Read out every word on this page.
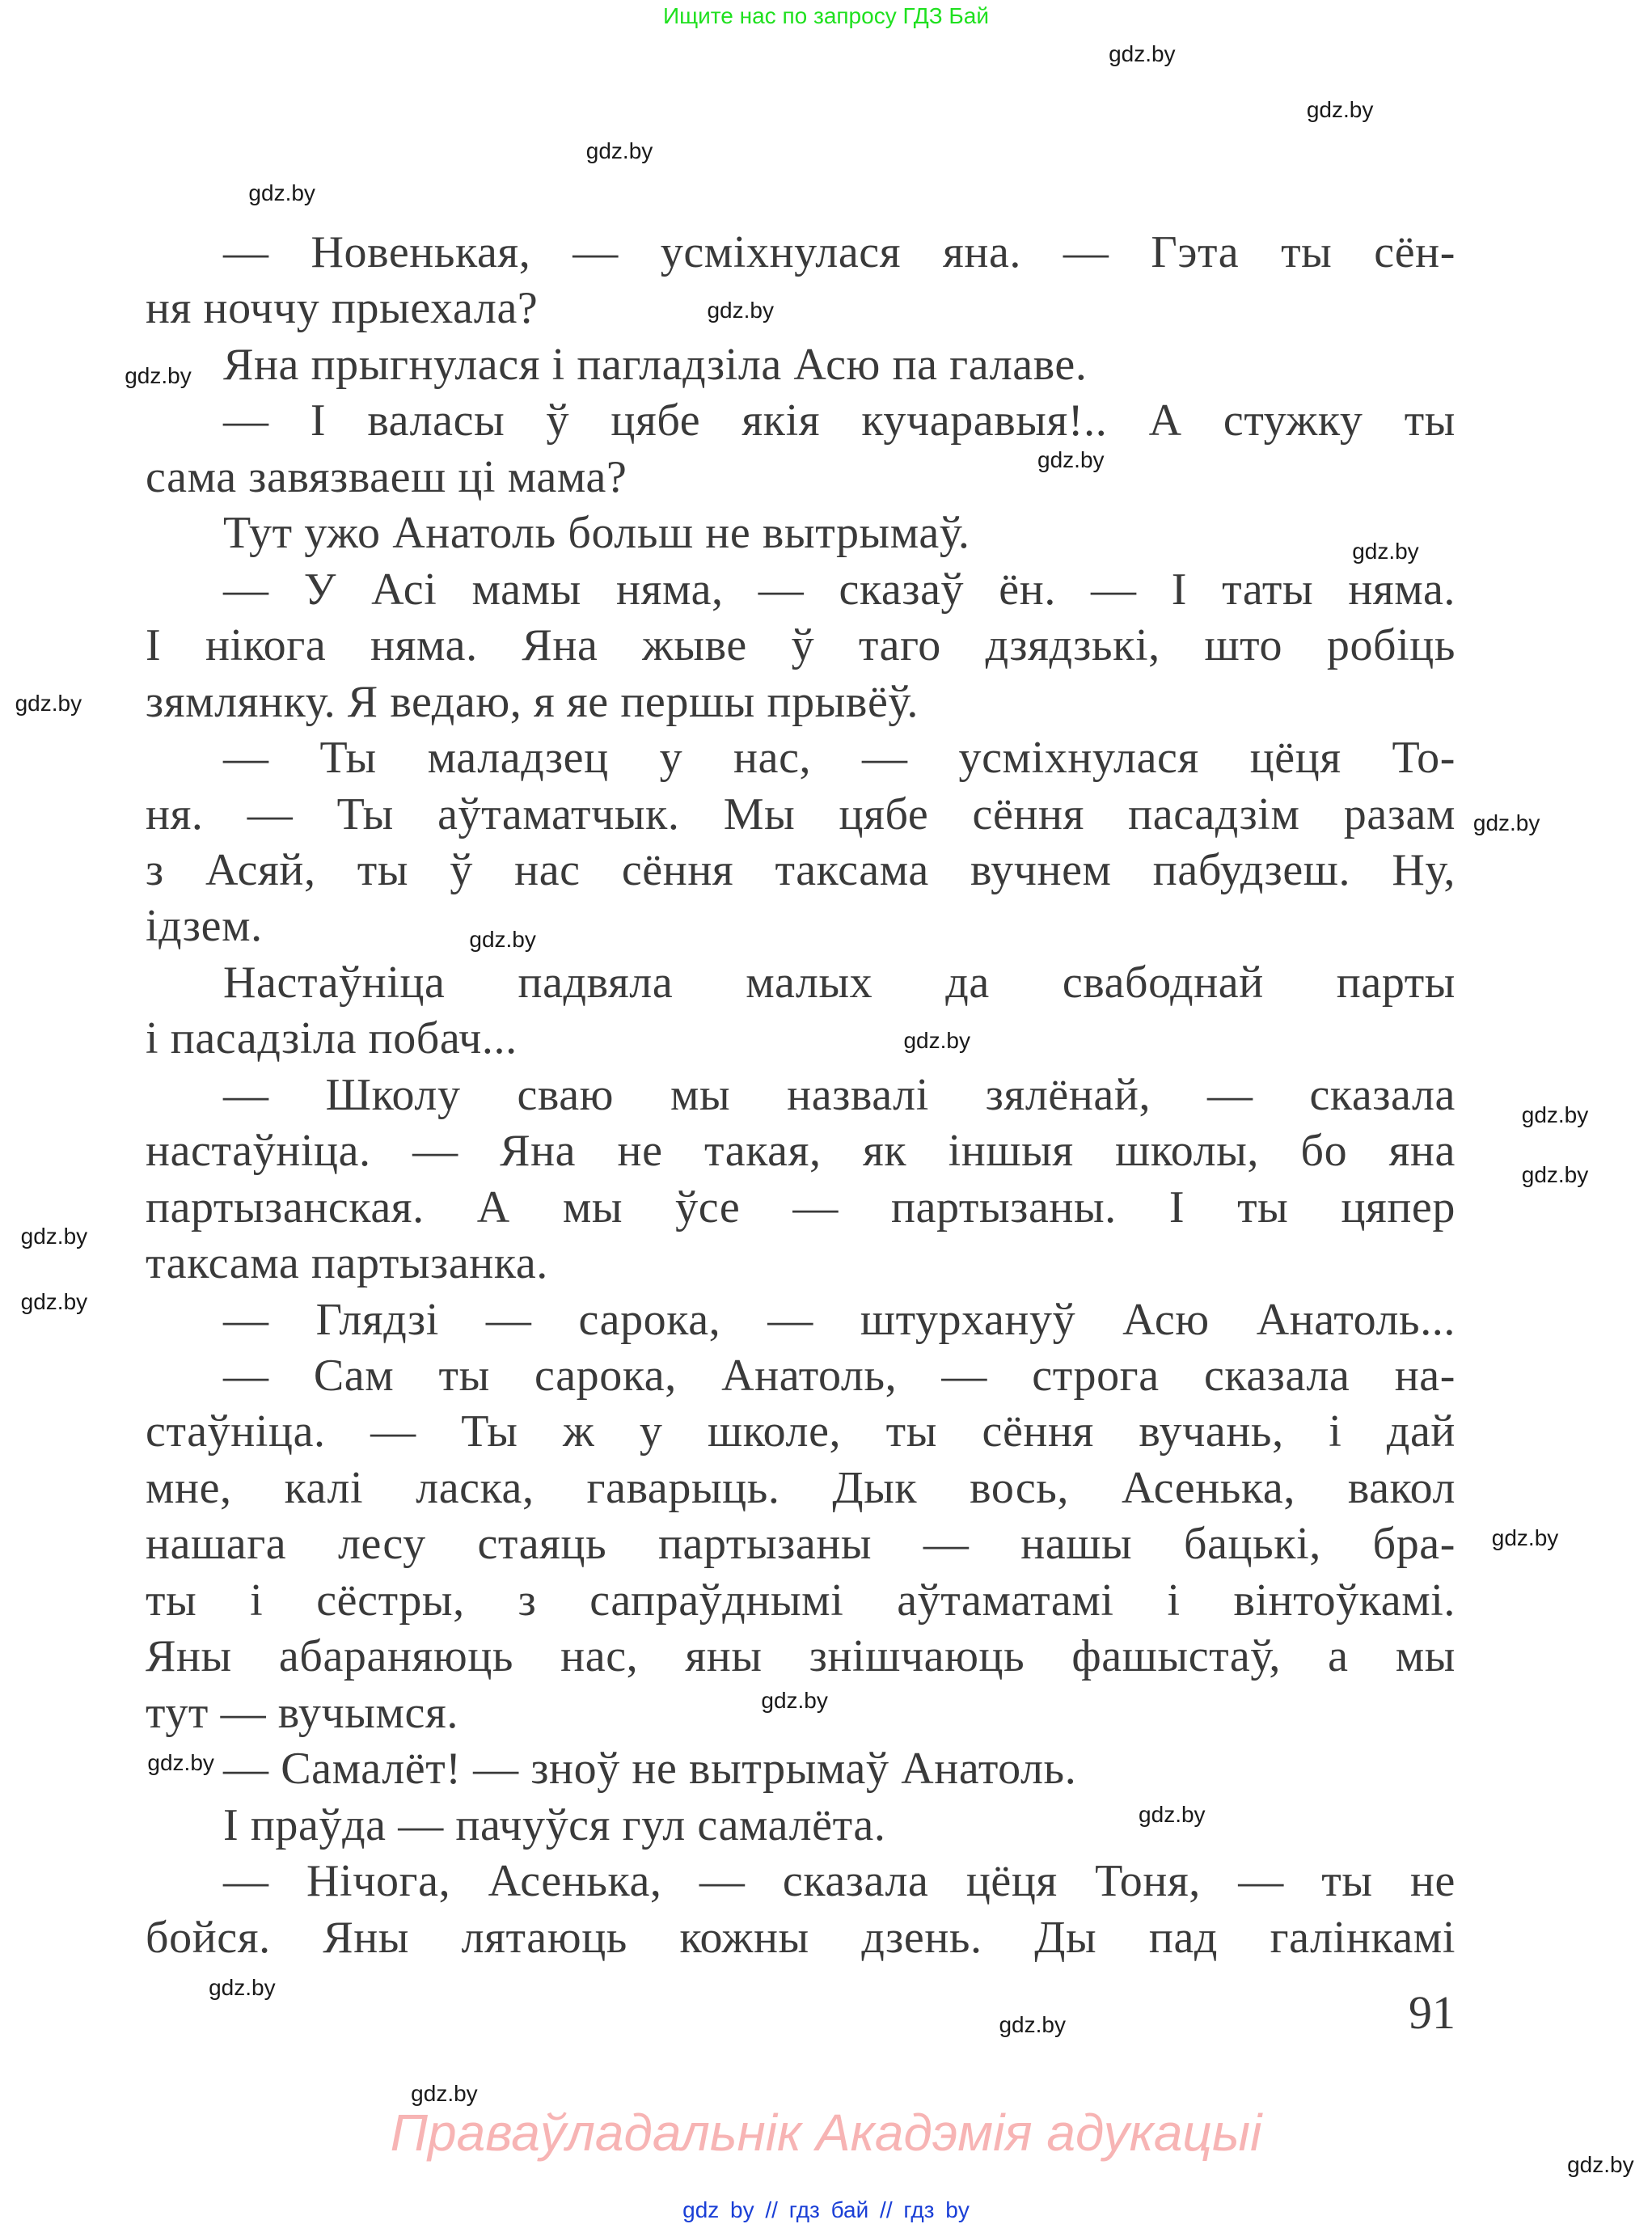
Ищите нас по запросу ГДЗ Бай
— Новенькая, — усміхнулася яна. — Гэта ты сён-
ня ноччу прыехала?
Яна прыгнулася і пагладзіла Асю па галаве.
— І валасы ў цябе якія кучаравыя!.. А стужку ты
сама завязваеш ці мама?
Тут ужо Анатоль больш не вытрымаў.
— У Асі мамы няма, — сказаў ён. — І таты няма.
І нікога няма. Яна жыве ў таго дзядзькі, што робіць
зямлянку. Я ведаю, я яе першы прывёў.
— Ты маладзец у нас, — усміхнулася цёця То-
ня. — Ты аўтаматчык. Мы цябе сёння пасадзім разам
з Асяй, ты ў нас сёння таксама вучнем пабудзеш. Ну,
ідзем.
Настаўніца падвяла малых да свабоднай парты
і пасадзіла побач...
— Школу сваю мы назвалі зялёнай, — сказала
настаўніца. — Яна не такая, як іншыя школы, бо яна
партызанская. А мы ўсе — партызаны. І ты цяпер
таксама партызанка.
— Глядзі — сарока, — штурхануў Асю Анатоль...
— Сам ты сарока, Анатоль, — строга сказала на-
стаўніца. — Ты ж у школе, ты сёння вучань, і дай
мне, калі ласка, гаварыць. Дык вось, Асенька, вакол
нашага лесу стаяць партызаны — нашы бацькі, бра-
ты і сёстры, з сапраўднымі аўтаматамі і вінтоўкамі.
Яны абараняюць нас, яны знішчаюць фашыстаў, а мы
тут — вучымся.
— Самалёт! — зноў не вытрымаў Анатоль.
І праўда — пачуўся гул самалёта.
— Нічога, Асенька, — сказала цёця Тоня, — ты не
бойся. Яны лятаюць кожны дзень. Ды пад галінкамі
91
gdz.by
gdz.by
gdz.by
gdz.by
gdz.by
gdz.by
gdz.by
gdz.by
gdz.by
gdz.by
gdz.by
gdz.by
gdz.by
gdz.by
gdz.by
gdz.by
gdz.by
gdz.by
gdz.by
gdz.by
gdz.by
gdz.by
gdz.by
gdz.by
Праваўладальнік Акадэмія адукацыі
gdz by // гдз бай // гдз by
